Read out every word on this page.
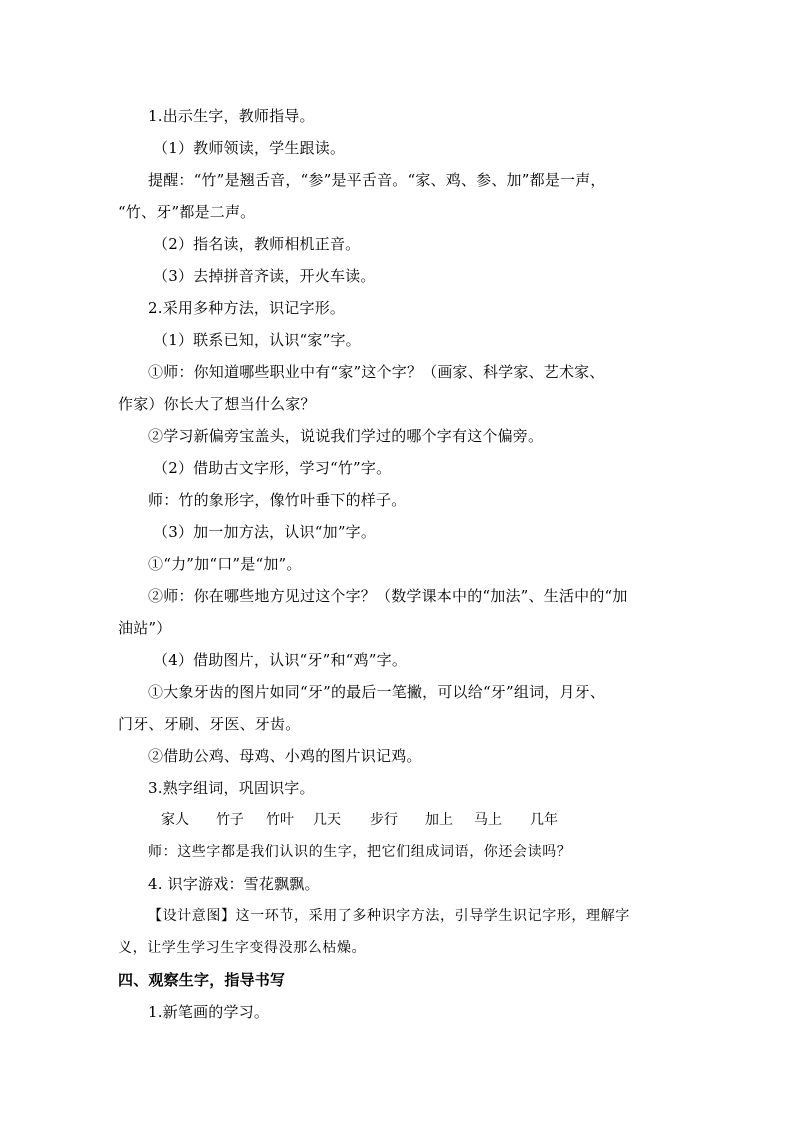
1.出示生字，教师指导。
（1）教师领读，学生跟读。
提醒：“竹”是翘舌音，“参”是平舌音。“家、鸡、参、加”都是一声，
“竹、牙”都是二声。
（2）指名读，教师相机正音。
（3）去掉拼音齐读，开火车读。
2.采用多种方法，识记字形。
（1）联系已知，认识“家”字。
①师：你知道哪些职业中有“家”这个字？（画家、科学家、艺术家、
作家）你长大了想当什么家？
②学习新偏旁宝盖头，说说我们学过的哪个字有这个偏旁。
（2）借助古文字形，学习“竹”字。
师：竹的象形字，像竹叶垂下的样子。
（3）加一加方法，认识“加”字。
①“力”加“口”是“加”。
②师：你在哪些地方见过这个字？（数学课本中的“加法”、生活中的“加
油站”）
（4）借助图片，认识“牙”和“鸡”字。
①大象牙齿的图片如同“牙”的最后一笔撇，可以给“牙”组词，月牙、
门牙、牙刷、牙医、牙齿。
②借助公鸡、母鸡、小鸡的图片识记鸡。
3.熟字组词，巩固识字。
家人 竹子 竹叶 几天 步行 加上 马上 几年
师：这些字都是我们认识的生字，把它们组成词语，你还会读吗？
4. 识字游戏：雪花飘飘。
【设计意图】这一环节，采用了多种识字方法，引导学生识记字形，理解字
义，让学生学习生字变得没那么枯燥。
四、观察生字，指导书写
1.新笔画的学习。
